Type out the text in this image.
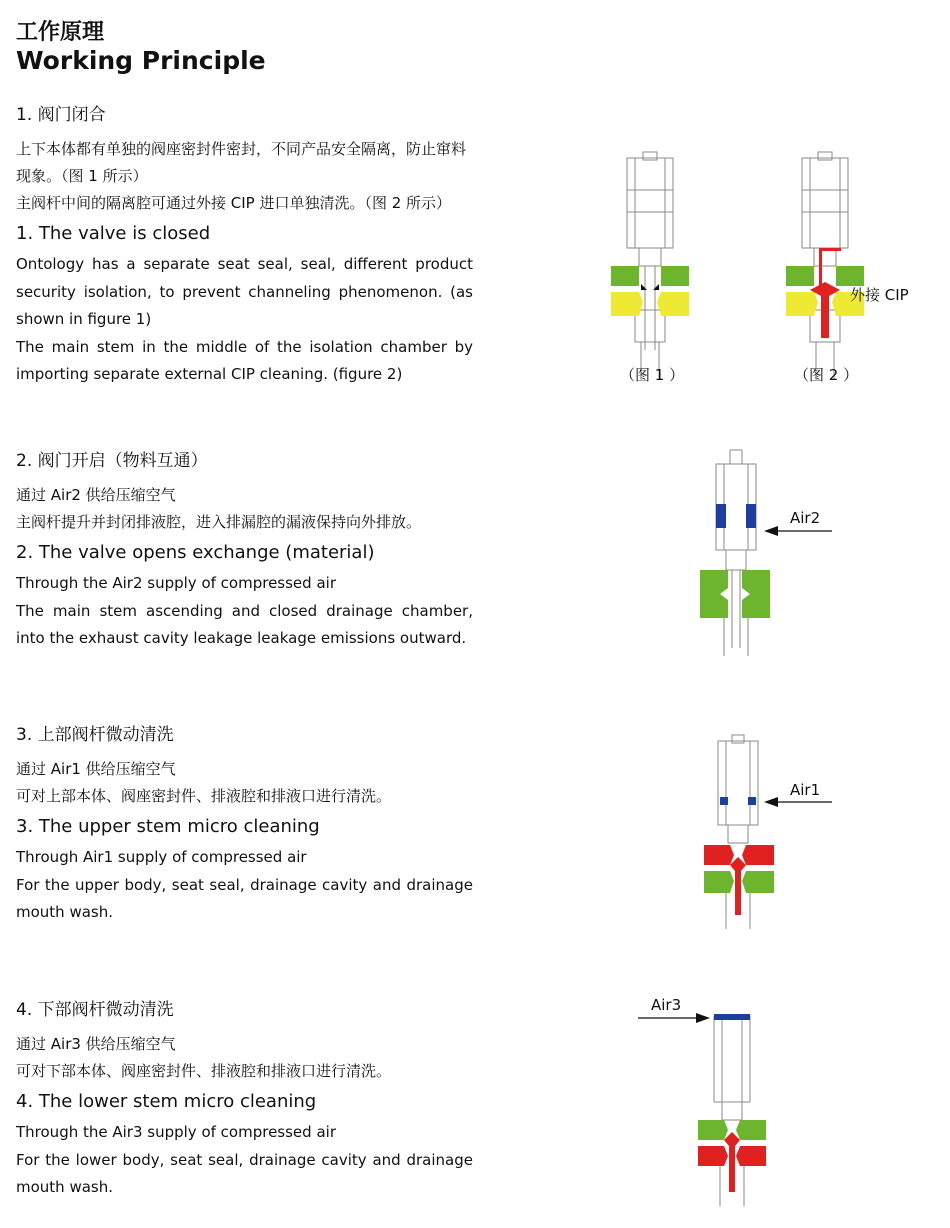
工作原理
Working Principle

1. 阀门闭合

上下本体都有单独的阀座密封件密封，不同产品安全隔离，防止窜料现象。（图 1 所示）

主阀杆中间的隔离腔可通过外接 CIP 进口单独清洗。（图 2 所示）

1. The valve is closed

Ontology has a separate seat seal, seal, different product security isolation, to prevent channeling phenomenon. (as shown in figure 1)

The main stem in the middle of the isolation chamber by importing separate external CIP cleaning. (figure 2)

2. 阀门开启（物料互通）

通过 Air2 供给压缩空气

主阀杆提升并封闭排液腔，进入排漏腔的漏液保持向外排放。

2. The valve opens exchange (material)

Through the Air2 supply of compressed air

The main stem ascending and closed drainage chamber, into the exhaust cavity leakage leakage emissions outward.

3. 上部阀杆微动清洗

通过 Air1 供给压缩空气

可对上部本体、阀座密封件、排液腔和排液口进行清洗。

3. The upper stem micro cleaning

Through Air1 supply of compressed air

For the upper body, seat seal, drainage cavity and drainage mouth wash.

4. 下部阀杆微动清洗

通过 Air3 供给压缩空气

可对下部本体、阀座密封件、排液腔和排液口进行清洗。

4. The lower stem micro cleaning

Through the Air3 supply of compressed air

For the lower body, seat seal, drainage cavity and drainage mouth wash.

（图 1 ）
外接 CIP
（图 2 ）
Air2
Air1
Air3
